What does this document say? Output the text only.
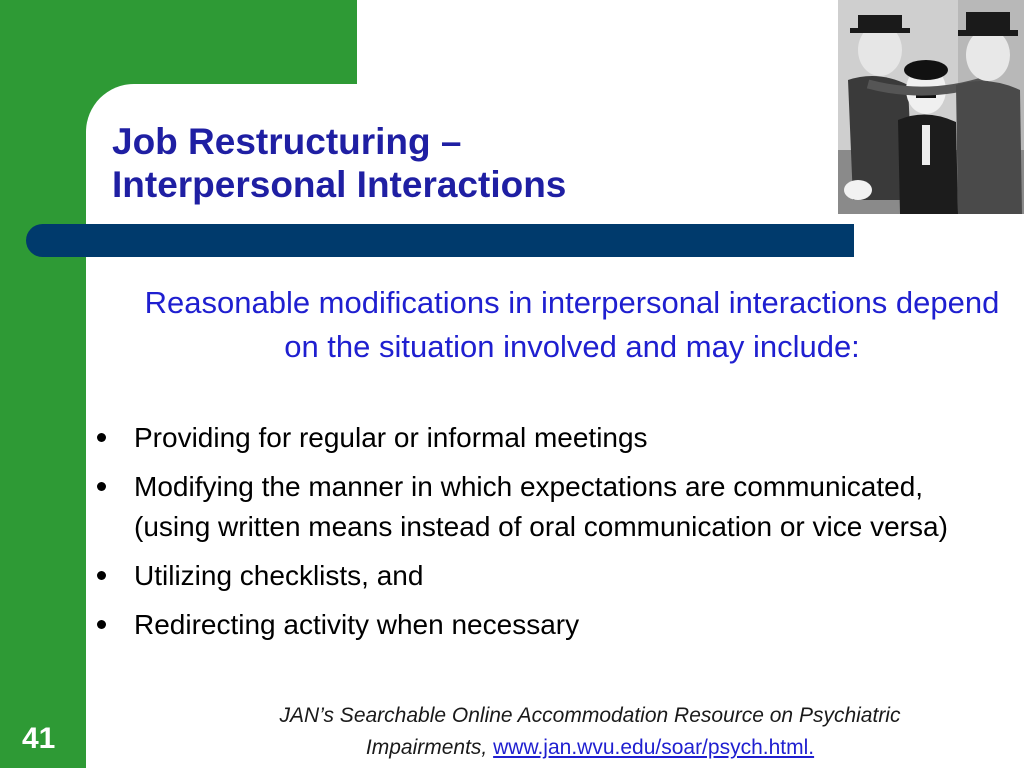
Job Restructuring –
Interpersonal Interactions
Reasonable modifications in interpersonal interactions depend on the situation involved and may include:
Providing for regular or informal meetings
Modifying the manner in which expectations are communicated, (using written means instead of oral communication or vice versa)
Utilizing checklists, and
Redirecting activity when necessary
JAN’s Searchable Online Accommodation Resource on Psychiatric
Impairments, www.jan.wvu.edu/soar/psych.html.
41
